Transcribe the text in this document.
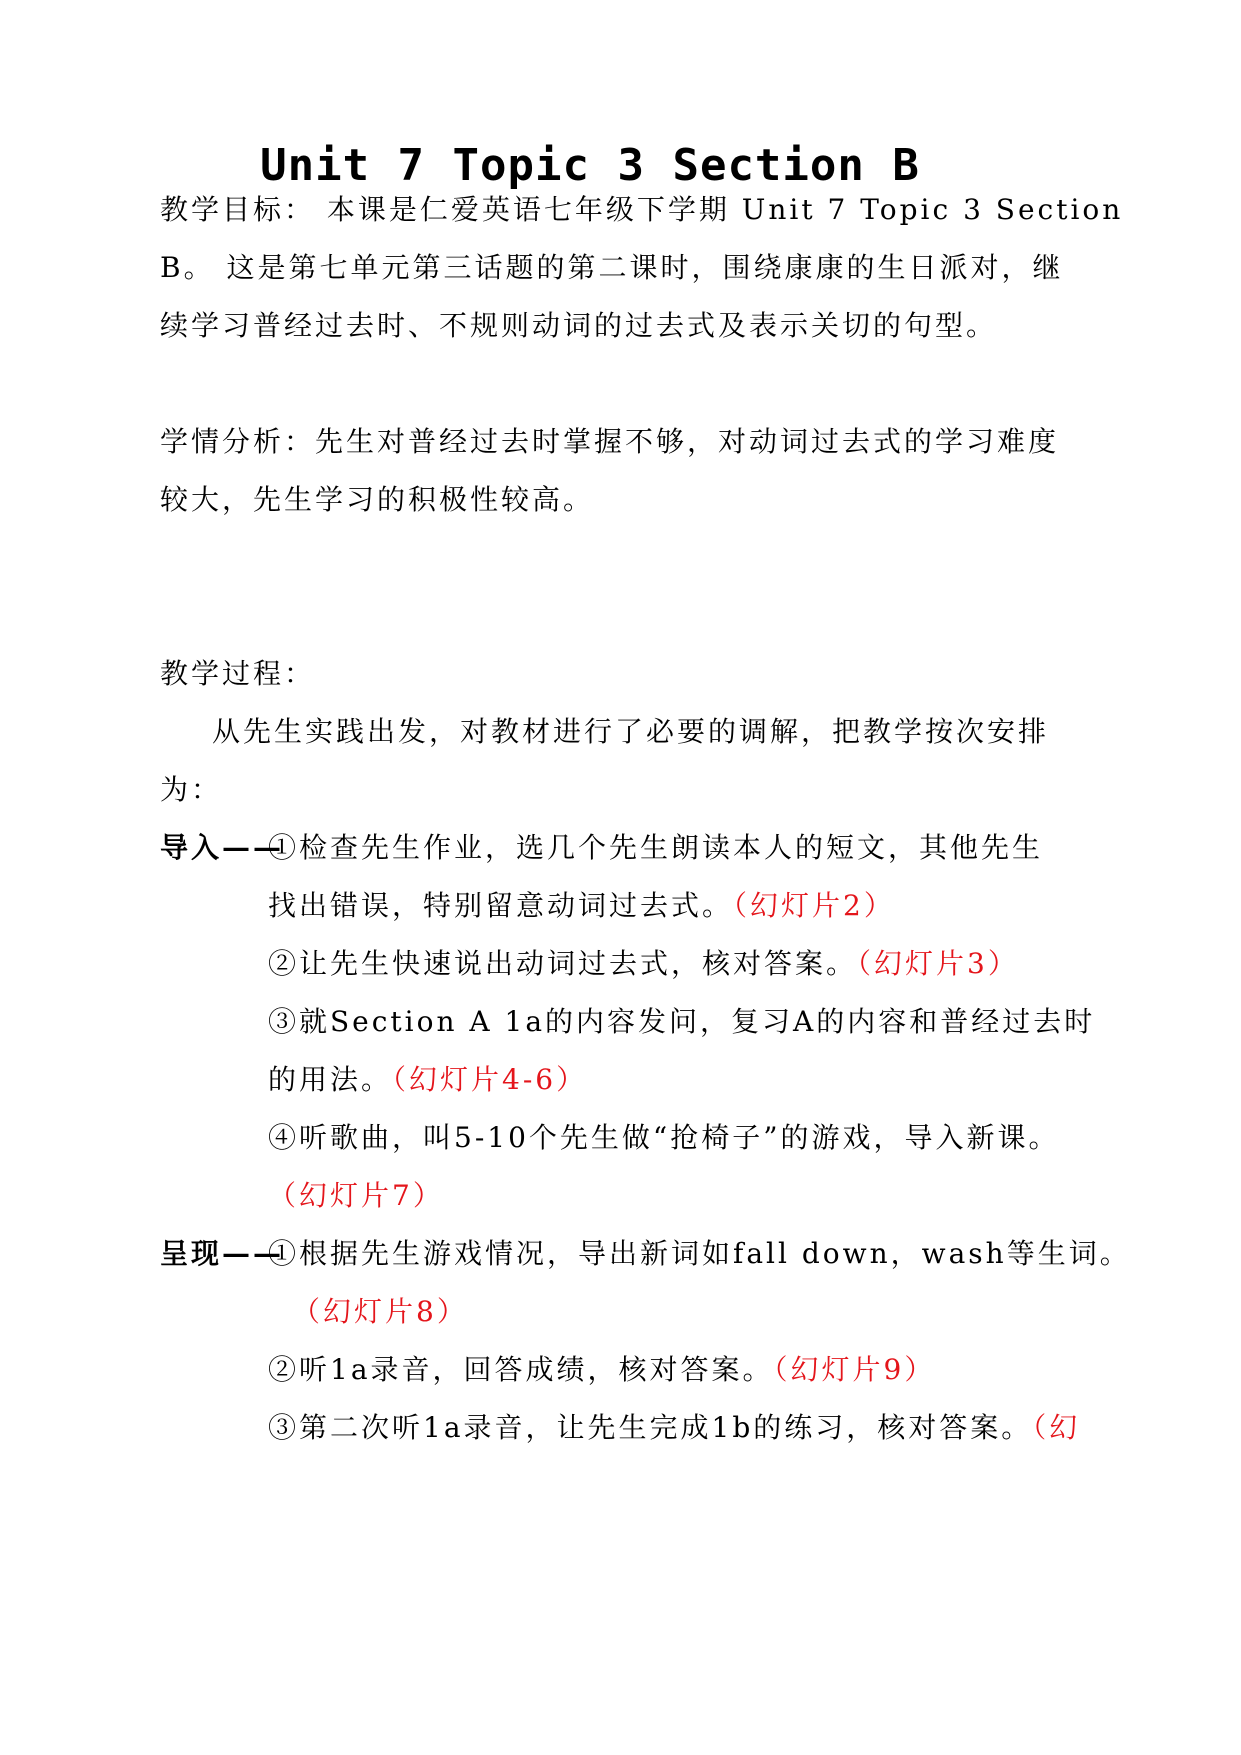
Unit 7 Topic 3 Section B
教学目标： 本课是仁爱英语七年级下学期 Unit 7 Topic 3 Section
B。 这是第七单元第三话题的第二课时，围绕康康的生日派对，继
续学习普经过去时、不规则动词的过去式及表示关切的句型。
学情分析：先生对普经过去时掌握不够，对动词过去式的学习难度
较大，先生学习的积极性较高。
教学过程：
从先生实践出发，对教材进行了必要的调解，把教学按次安排
为：
导入——
①检查先生作业，选几个先生朗读本人的短文，其他先生
找出错误，特别留意动词过去式。（幻灯片2）
②让先生快速说出动词过去式，核对答案。（幻灯片3）
③就Section A 1a的内容发问，复习A的内容和普经过去时
的用法。（幻灯片4-6）
④听歌曲，叫5-10个先生做“抢椅子”的游戏，导入新课。
（幻灯片7）
呈现——
①根据先生游戏情况，导出新词如fall down，wash等生词。
（幻灯片8）
②听1a录音，回答成绩，核对答案。（幻灯片9）
③第二次听1a录音，让先生完成1b的练习，核对答案。（幻
